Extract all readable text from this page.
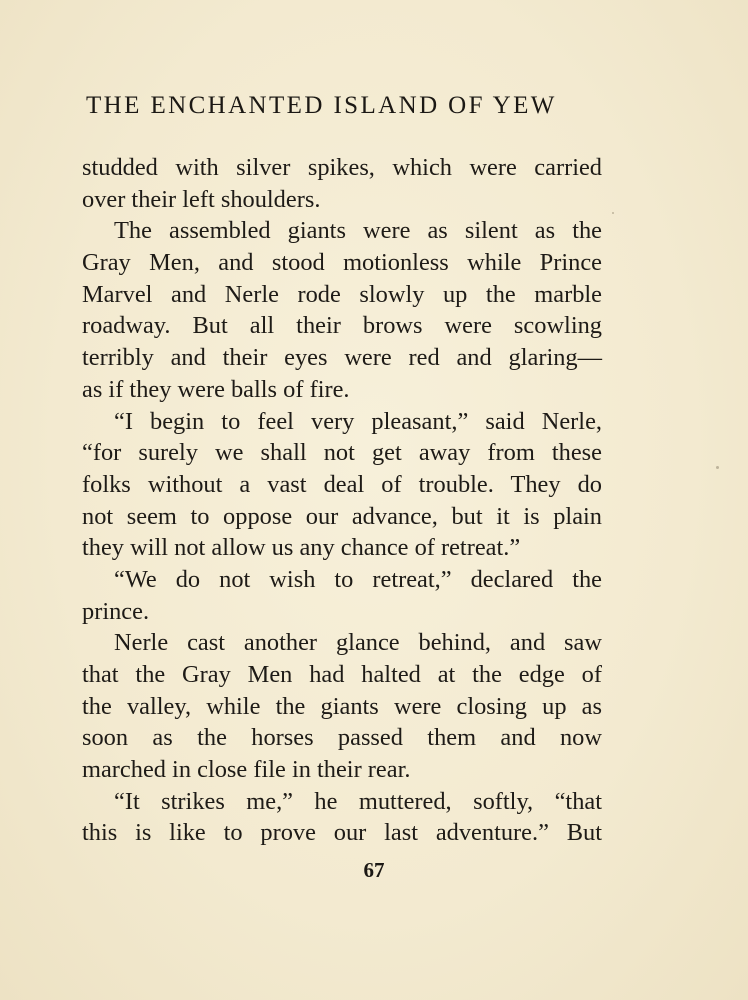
THE ENCHANTED ISLAND OF YEW
studded with silver spikes, which were carried
over their left shoulders.
The assembled giants were as silent as the
Gray Men, and stood motionless while Prince
Marvel and Nerle rode slowly up the marble
roadway. But all their brows were scowling
terribly and their eyes were red and glaring—
as if they were balls of fire.
“I begin to feel very pleasant,” said Nerle,
“for surely we shall not get away from these
folks without a vast deal of trouble. They do
not seem to oppose our advance, but it is plain
they will not allow us any chance of retreat.”
“We do not wish to retreat,” declared the
prince.
Nerle cast another glance behind, and saw
that the Gray Men had halted at the edge of
the valley, while the giants were closing up as
soon as the horses passed them and now
marched in close file in their rear.
“It strikes me,” he muttered, softly, “that
this is like to prove our last adventure.” But
67
